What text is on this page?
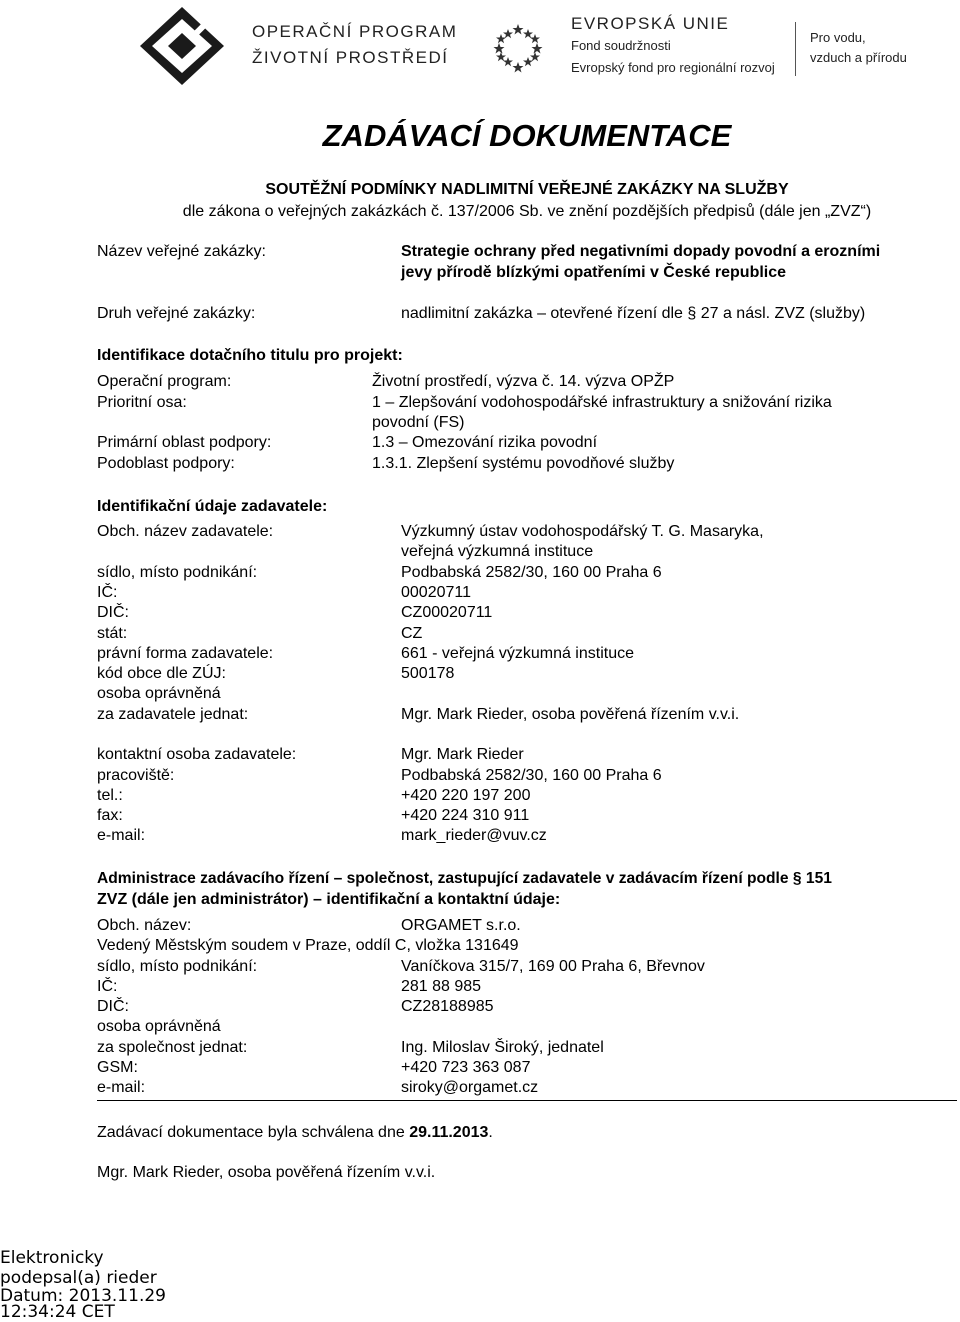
OPERAČNÍ PROGRAM
ŽIVOTNÍ PROSTŘEDÍ
EVROPSKÁ UNIE
Fond soudržnosti
Evropský fond pro regionální rozvoj
Pro vodu,
vzduch a přírodu
ZADÁVACÍ DOKUMENTACE
SOUTĚŽNÍ PODMÍNKY NADLIMITNÍ VEŘEJNÉ ZAKÁZKY NA SLUŽBY
dle zákona o veřejných zakázkách č. 137/2006 Sb. ve znění pozdějších předpisů (dále jen „ZVZ“)
Název veřejné zakázky:	Strategie ochrany před negativními dopady povodní a erozními
jevy přírodě blízkými opatřeními v České republice
Druh veřejné zakázky:	nadlimitní zakázka – otevřené řízení dle § 27 a násl. ZVZ (služby)
Identifikace dotačního titulu pro projekt:
Operační program:	Životní prostředí, výzva č. 14. výzva OPŽP
Prioritní osa:	1 – Zlepšování vodohospodářské infrastruktury a snižování rizika
povodní (FS)
Primární oblast podpory:	1.3 – Omezování rizika povodní
Podoblast podpory:	1.3.1. Zlepšení systému povodňové služby
Identifikační údaje zadavatele:
Obch. název zadavatele:	Výzkumný ústav vodohospodářský T. G. Masaryka,
veřejná výzkumná instituce
sídlo, místo podnikání:	Podbabská 2582/30, 160 00 Praha 6
IČ:	00020711
DIČ:	CZ00020711
stát:	CZ
právní forma zadavatele:	661 - veřejná výzkumná instituce
kód obce dle ZÚJ:	500178
osoba oprávněná
za zadavatele jednat:	Mgr. Mark Rieder, osoba pověřená řízením v.v.i.
kontaktní osoba zadavatele:	Mgr. Mark Rieder
pracoviště:	Podbabská 2582/30, 160 00 Praha 6
tel.:	+420 220 197 200
fax:	+420 224 310 911
e-mail:	mark_rieder@vuv.cz
Administrace zadávacího řízení – společnost, zastupující zadavatele v zadávacím řízení podle § 151
ZVZ (dále jen administrátor) – identifikační a kontaktní údaje:
Obch. název:	ORGAMET s.r.o.
Vedený Městským soudem v Praze, oddíl C, vložka 131649
sídlo, místo podnikání:	Vaníčkova 315/7, 169 00 Praha 6, Břevnov
IČ:	281 88 985
DIČ:	CZ28188985
osoba oprávněná
za společnost jednat:	Ing. Miloslav Široký, jednatel
GSM:	+420 723 363 087
e-mail:	siroky@orgamet.cz
Zadávací dokumentace byla schválena dne 29.11.2013.
Mgr. Mark Rieder, osoba pověřená řízením v.v.i.
Elektronicky
podepsal(a) rieder
Datum: 2013.11.29
12:34:24 CET
